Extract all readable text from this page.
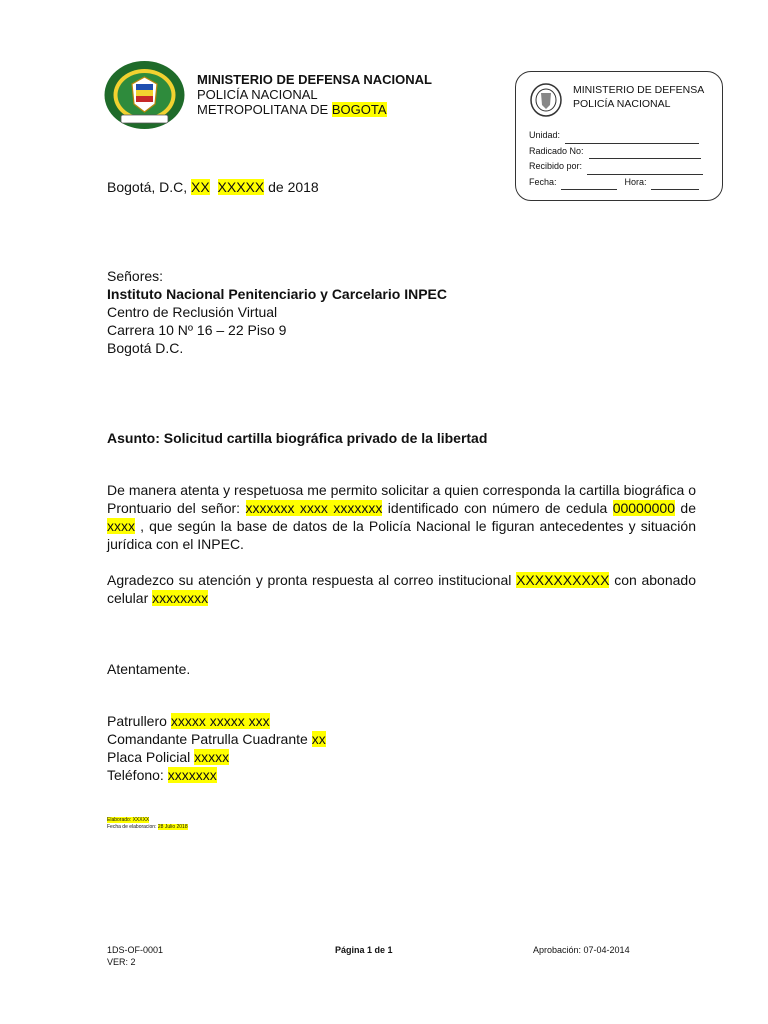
MINISTERIO DE DEFENSA NACIONAL
POLICÍA NACIONAL
METROPOLITANA DE BOGOTA
MINISTERIO DE DEFENSA
POLICÍA NACIONAL
Unidad:
Radicado No:
Recibido por:
Fecha:	Hora:
Bogotá, D.C, XX XXXXX de 2018
Señores:
Instituto Nacional Penitenciario y Carcelario INPEC
Centro de Reclusión Virtual
Carrera 10 Nº 16 – 22 Piso 9
Bogotá D.C.
Asunto: Solicitud cartilla biográfica privado de la libertad
De manera atenta y respetuosa me permito solicitar a quien corresponda la cartilla biográfica o Prontuario del señor: xxxxxxx xxxx xxxxxxx identificado con número de cedula 00000000 de xxxx , que según la base de datos de la Policía Nacional le figuran antecedentes y situación jurídica con el INPEC.
Agradezco su atención y pronta respuesta al correo institucional XXXXXXXXXX con abonado celular xxxxxxxx
Atentamente.
Patrullero xxxxx xxxxx xxx
Comandante Patrulla Cuadrante xx
Placa Policial xxxxx
Teléfono: xxxxxxx
Elaborado: XXXXX
Fecha de elaboracion: 28 Julio 2018
1DS-OF-0001
VER: 2
Página 1 de 1	Aprobación: 07-04-2014
